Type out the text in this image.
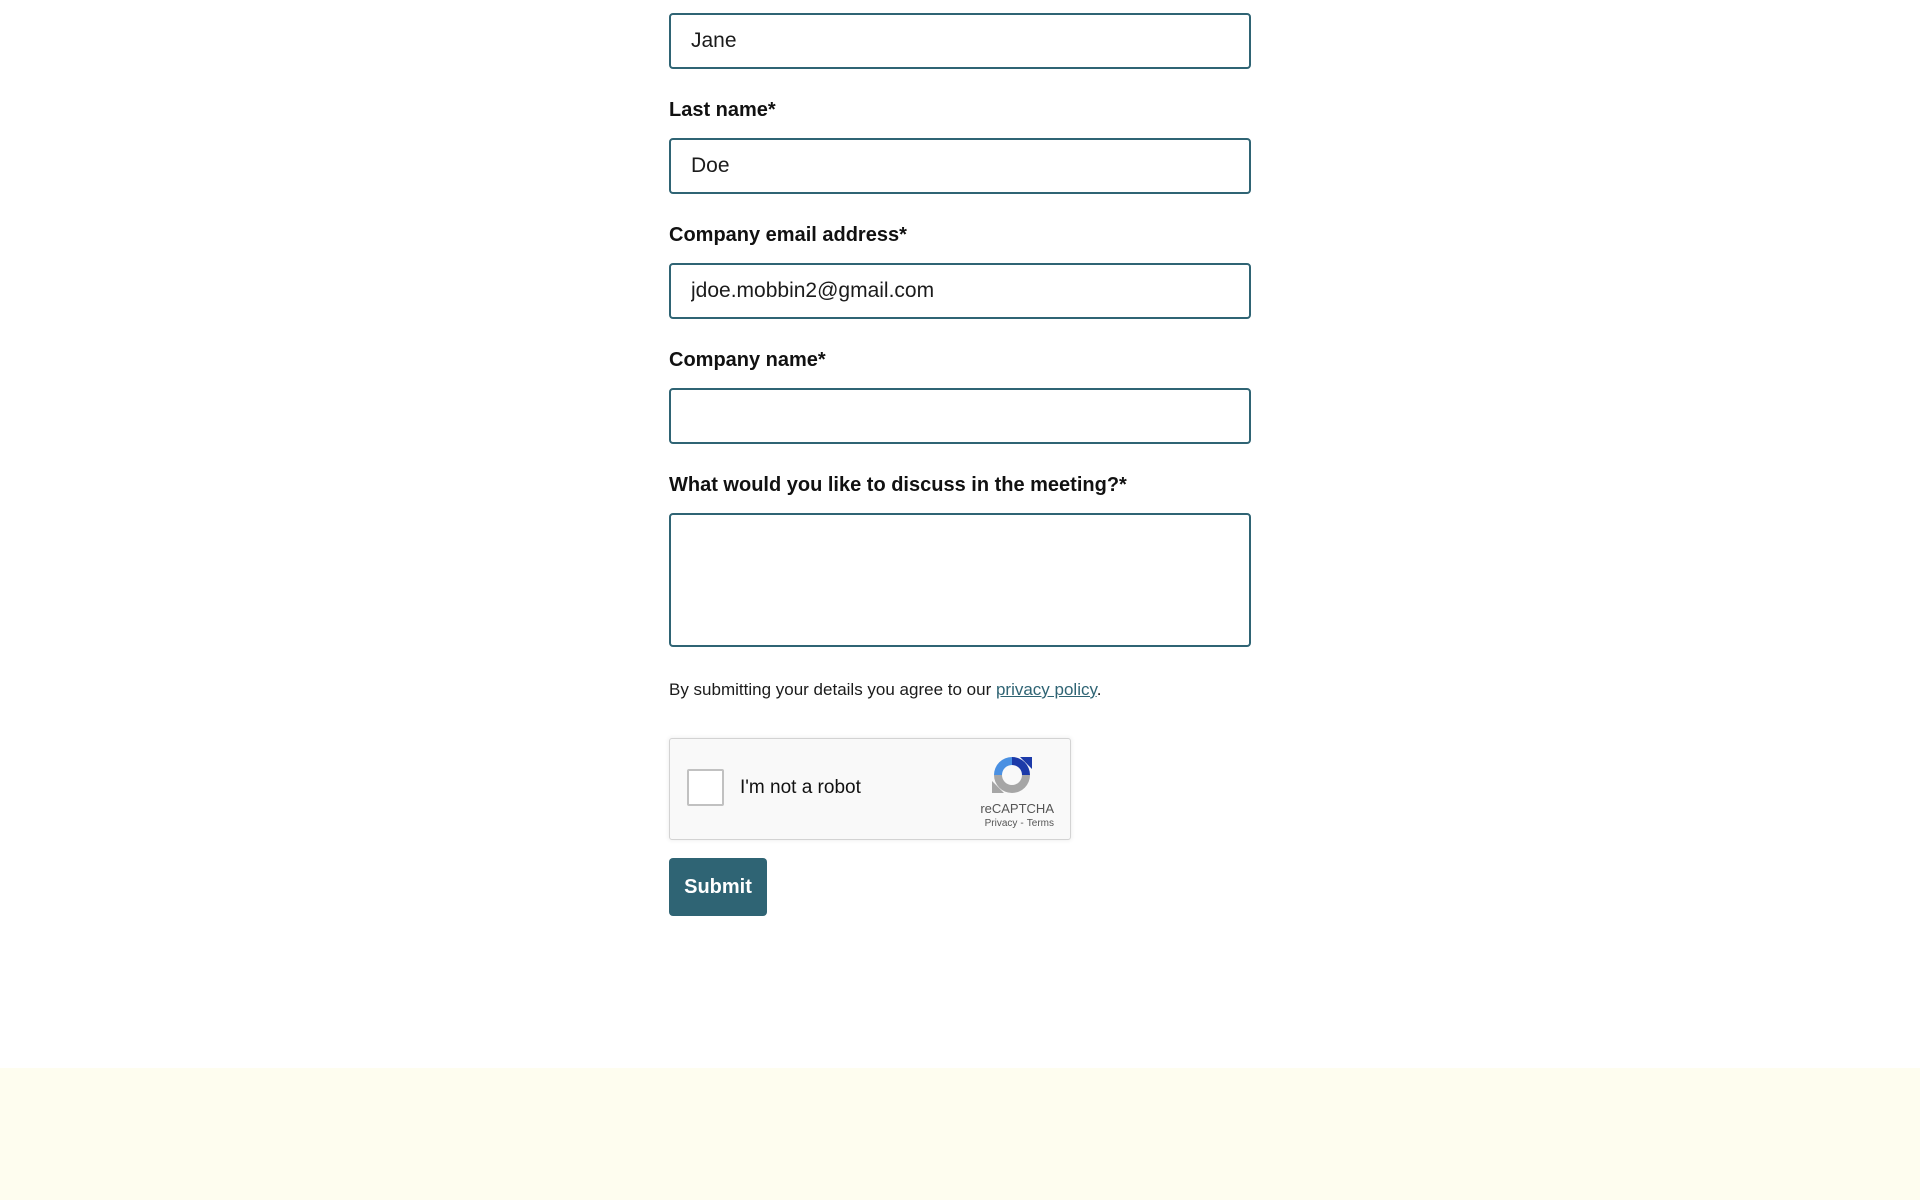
Jane
Last name*
Doe
Company email address*
jdoe.mobbin2@gmail.com
Company name*
What would you like to discuss in the meeting?*
By submitting your details you agree to our privacy policy.
I'm not a robot
reCAPTCHA
Privacy - Terms
Submit
